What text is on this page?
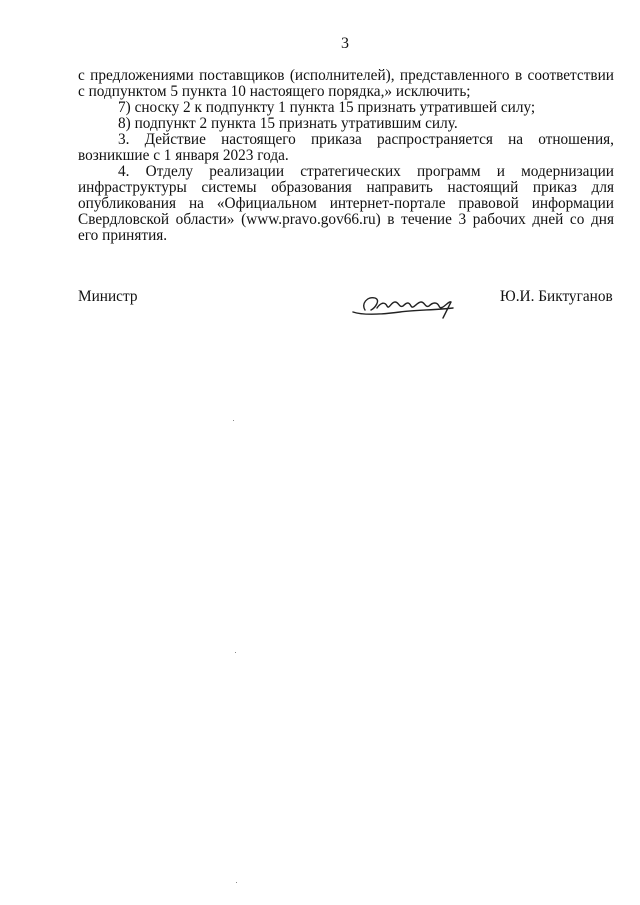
3
с предложениями поставщиков (исполнителей), представленного в соответствии
с подпунктом 5 пункта 10 настоящего порядка,» исключить;
7) сноску 2 к подпункту 1 пункта 15 признать утратившей силу;
8) подпункт 2 пункта 15 признать утратившим силу.
3. Действие настоящего приказа распространяется на отношения,
возникшие с 1 января 2023 года.
4. Отделу реализации стратегических программ и модернизации
инфраструктуры системы образования направить настоящий приказ для
опубликования на «Официальном интернет-портале правовой информации
Свердловской области» (www.pravo.gov66.ru) в течение 3 рабочих дней со дня
его принятия.
Министр	Ю.И. Биктуганов
